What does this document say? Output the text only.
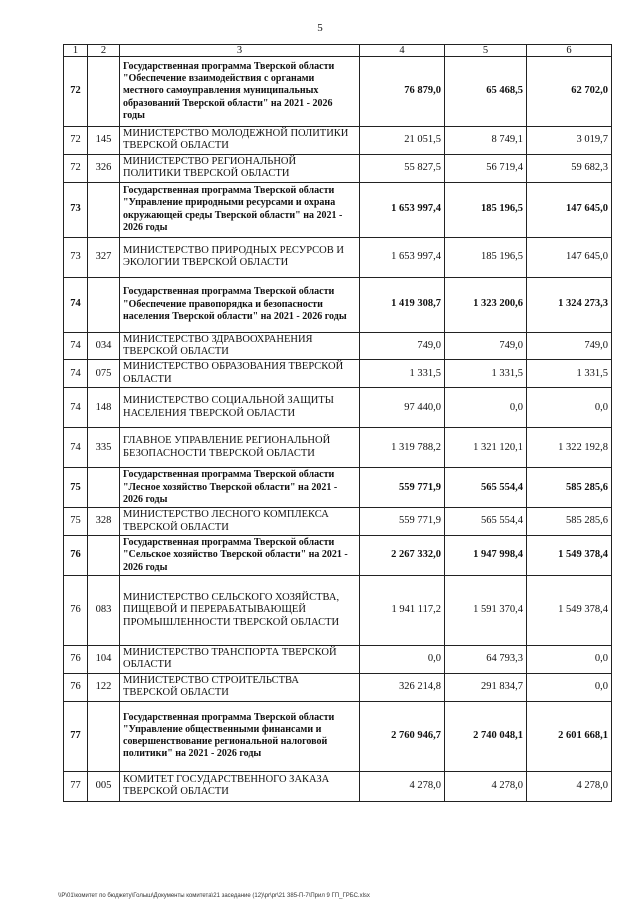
5
1	2	3	4	5	6
72		Государственная программа Тверской области "Обеспечение взаимодействия с органами местного самоуправления муниципальных образований Тверской области" на 2021 - 2026 годы	76 879,0	65 468,5	62 702,0
72	145	МИНИСТЕРСТВО МОЛОДЕЖНОЙ ПОЛИТИКИ ТВЕРСКОЙ ОБЛАСТИ	21 051,5	8 749,1	3 019,7
72	326	МИНИСТЕРСТВО РЕГИОНАЛЬНОЙ ПОЛИТИКИ ТВЕРСКОЙ ОБЛАСТИ	55 827,5	56 719,4	59 682,3
73		Государственная программа Тверской области "Управление природными ресурсами и охрана окружающей среды Тверской области" на 2021 - 2026 годы	1 653 997,4	185 196,5	147 645,0
73	327	МИНИСТЕРСТВО ПРИРОДНЫХ РЕСУРСОВ И ЭКОЛОГИИ ТВЕРСКОЙ ОБЛАСТИ	1 653 997,4	185 196,5	147 645,0
74		Государственная программа Тверской области "Обеспечение правопорядка и безопасности населения Тверской области" на 2021 - 2026 годы	1 419 308,7	1 323 200,6	1 324 273,3
74	034	МИНИСТЕРСТВО ЗДРАВООХРАНЕНИЯ ТВЕРСКОЙ ОБЛАСТИ	749,0	749,0	749,0
74	075	МИНИСТЕРСТВО ОБРАЗОВАНИЯ ТВЕРСКОЙ ОБЛАСТИ	1 331,5	1 331,5	1 331,5
74	148	МИНИСТЕРСТВО СОЦИАЛЬНОЙ ЗАЩИТЫ НАСЕЛЕНИЯ ТВЕРСКОЙ ОБЛАСТИ	97 440,0	0,0	0,0
74	335	ГЛАВНОЕ УПРАВЛЕНИЕ РЕГИОНАЛЬНОЙ БЕЗОПАСНОСТИ ТВЕРСКОЙ ОБЛАСТИ	1 319 788,2	1 321 120,1	1 322 192,8
75		Государственная программа Тверской области "Лесное хозяйство Тверской области" на 2021 - 2026 годы	559 771,9	565 554,4	585 285,6
75	328	МИНИСТЕРСТВО ЛЕСНОГО КОМПЛЕКСА ТВЕРСКОЙ ОБЛАСТИ	559 771,9	565 554,4	585 285,6
76		Государственная программа Тверской области "Сельское хозяйство Тверской области" на 2021 - 2026 годы	2 267 332,0	1 947 998,4	1 549 378,4
76	083	МИНИСТЕРСТВО СЕЛЬСКОГО ХОЗЯЙСТВА, ПИЩЕВОЙ И ПЕРЕРАБАТЫВАЮЩЕЙ ПРОМЫШЛЕННОСТИ ТВЕРСКОЙ ОБЛАСТИ	1 941 117,2	1 591 370,4	1 549 378,4
76	104	МИНИСТЕРСТВО ТРАНСПОРТА ТВЕРСКОЙ ОБЛАСТИ	0,0	64 793,3	0,0
76	122	МИНИСТЕРСТВО СТРОИТЕЛЬСТВА ТВЕРСКОЙ ОБЛАСТИ	326 214,8	291 834,7	0,0
77		Государственная программа Тверской области "Управление общественными финансами и совершенствование региональной налоговой политики" на 2021 - 2026 годы	2 760 946,7	2 740 048,1	2 601 668,1
77	005	КОМИТЕТ ГОСУДАРСТВЕННОГО ЗАКАЗА ТВЕРСКОЙ ОБЛАСТИ	4 278,0	4 278,0	4 278,0
\\Р\01\комитет по бюджету\Голыш\Документы комитета\21 заседание (12)\pr\pr\21 385-П-7\Прил 9 ГП_ГРБС.xlsx
